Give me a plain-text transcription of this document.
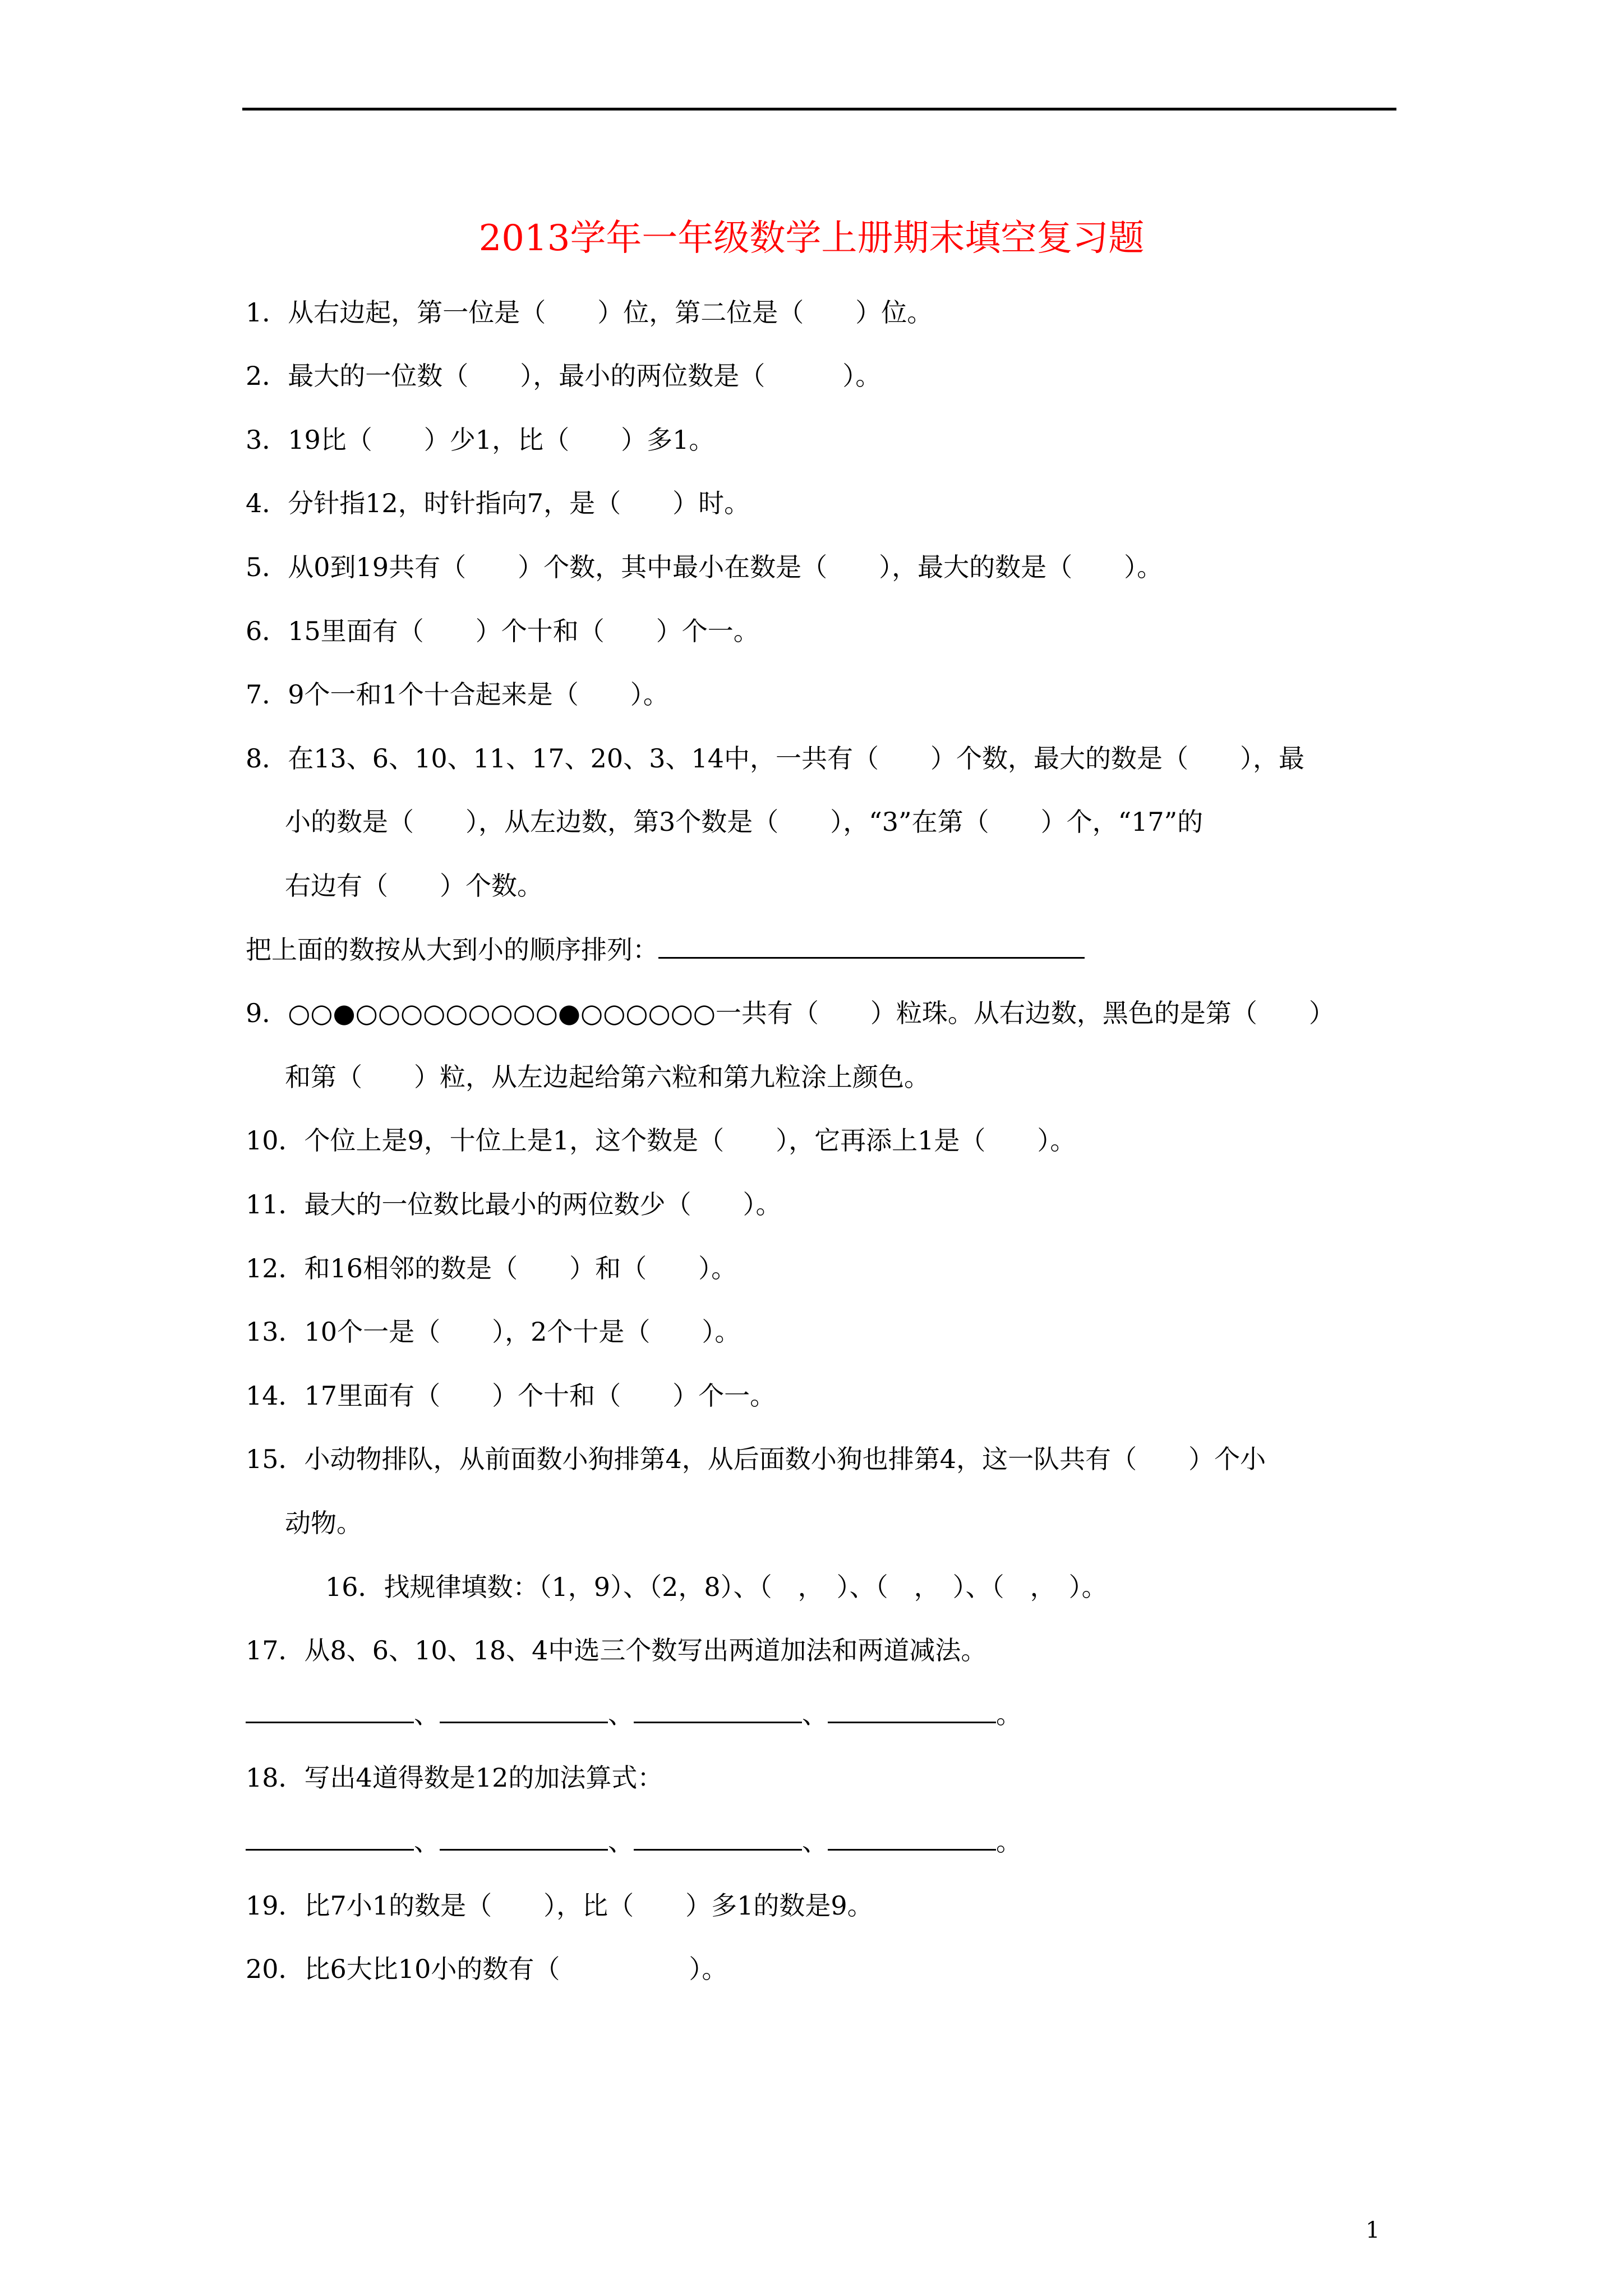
2013学年一年级数学上册期末填空复习题
1．从右边起，第一位是（　　）位，第二位是（　　）位。
2．最大的一位数（　　），最小的两位数是（　　　）。
3．19比（　　）少1，比（　　）多1。
4．分针指12，时针指向7，是（　　）时。
5．从0到19共有（　　）个数，其中最小在数是（　　），最大的数是（　　）。
6．15里面有（　　）个十和（　　）个一。
7．9个一和1个十合起来是（　　）。
8．在13、6、10、11、17、20、3、14中，一共有（　　）个数，最大的数是（　　），最
小的数是（　　），从左边数，第3个数是（　　），“3”在第（　　）个，“17”的
右边有（　　）个数。
把上面的数按从大到小的顺序排列：
9．○○●○○○○○○○○○●○○○○○○一共有（　　）粒珠。从右边数，黑色的是第（　　）
和第（　　）粒，从左边起给第六粒和第九粒涂上颜色。
10．个位上是9，十位上是1，这个数是（　　），它再添上1是（　　）。
11．最大的一位数比最小的两位数少（　　）。
12．和16相邻的数是（　　）和（　　）。
13．10个一是（　　），2个十是（　　）。
14．17里面有（　　）个十和（　　）个一。
15．小动物排队，从前面数小狗排第4，从后面数小狗也排第4，这一队共有（　　）个小
动物。
16．找规律填数：（1，9）、（2，8）、（　，　）、（　，　）、（　，　）。
17．从8、6、10、18、4中选三个数写出两道加法和两道减法。
、	、	、	。
18．写出4道得数是12的加法算式：
、	、	、	。
19．比7小1的数是（　　），比（　　）多1的数是9。
20．比6大比10小的数有（　　　　　）。
1
